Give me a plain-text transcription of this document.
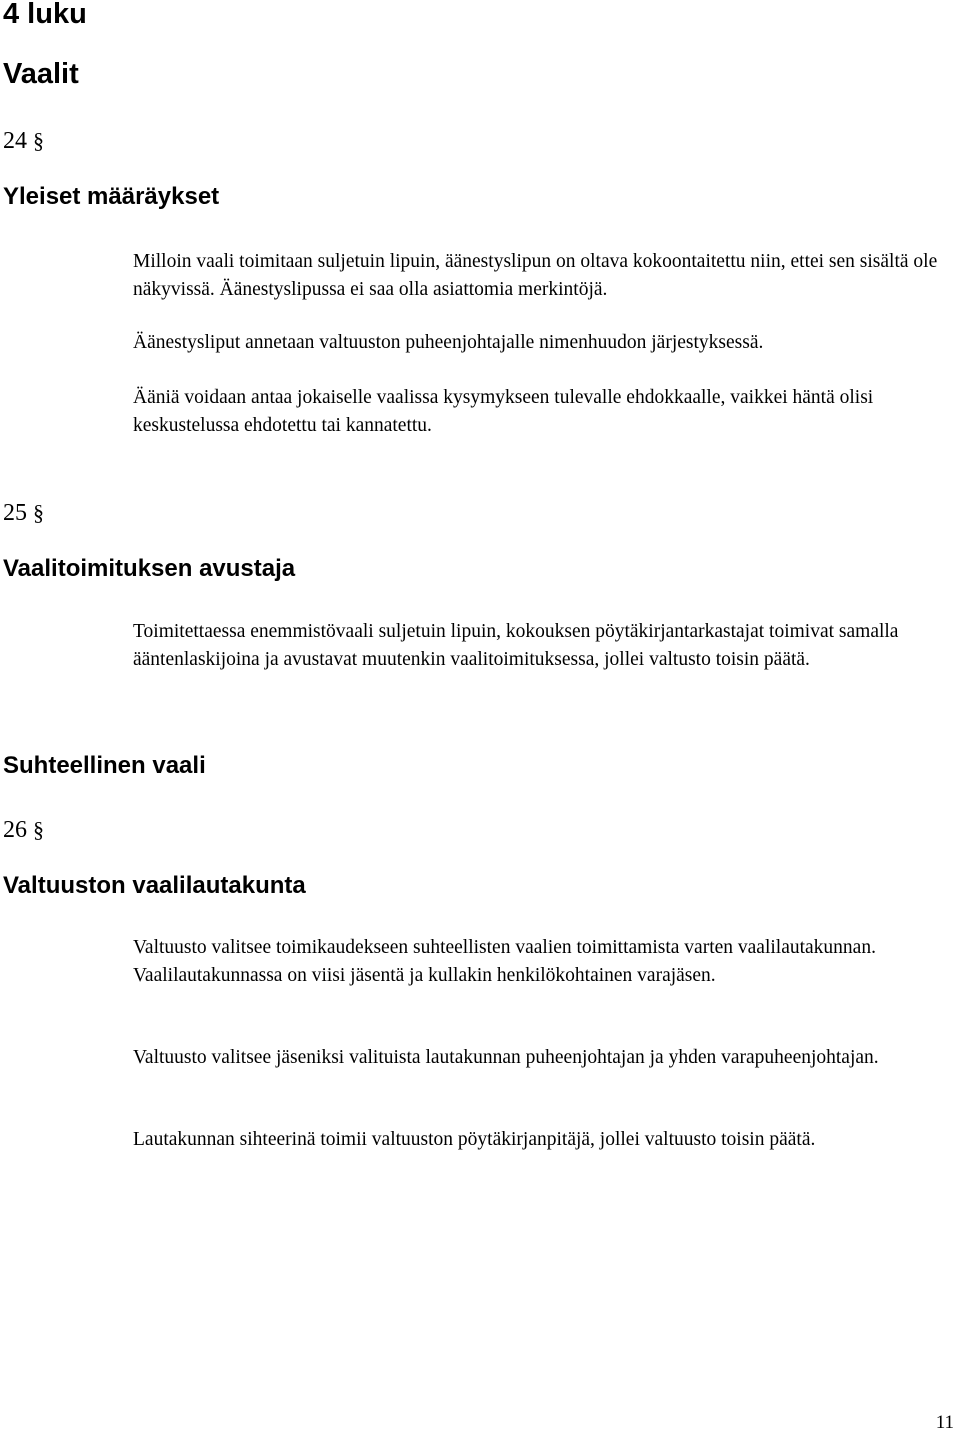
4 luku
Vaalit
24 §
Yleiset määräykset
Milloin vaali toimitaan suljetuin lipuin, äänestyslipun on oltava kokoontaitettu niin, ettei sen sisältä ole näkyvissä. Äänestyslipussa ei saa olla asiattomia merkintöjä.
Äänestysliput annetaan valtuuston puheenjohtajalle nimenhuudon järjestyksessä.
Ääniä voidaan antaa jokaiselle vaalissa kysymykseen tulevalle ehdokkaalle, vaikkei häntä olisi keskustelussa ehdotettu tai kannatettu.
25 §
Vaalitoimituksen avustaja
Toimitettaessa enemmistövaali suljetuin lipuin, kokouksen pöytäkirjantarkastajat toimivat samalla ääntenlaskijoina ja avustavat muutenkin vaalitoimituksessa, jollei valtusto toisin päätä.
Suhteellinen vaali
26 §
Valtuuston vaalilautakunta
Valtuusto valitsee toimikaudekseen suhteellisten vaalien toimittamista varten vaalilautakunnan. Vaalilautakunnassa on viisi jäsentä ja kullakin henkilökohtainen varajäsen.
Valtuusto valitsee jäseniksi valituista lautakunnan puheenjohtajan ja yhden varapuheenjohtajan.
Lautakunnan sihteerinä toimii valtuuston pöytäkirjanpitäjä, jollei valtuusto toisin päätä.
11
